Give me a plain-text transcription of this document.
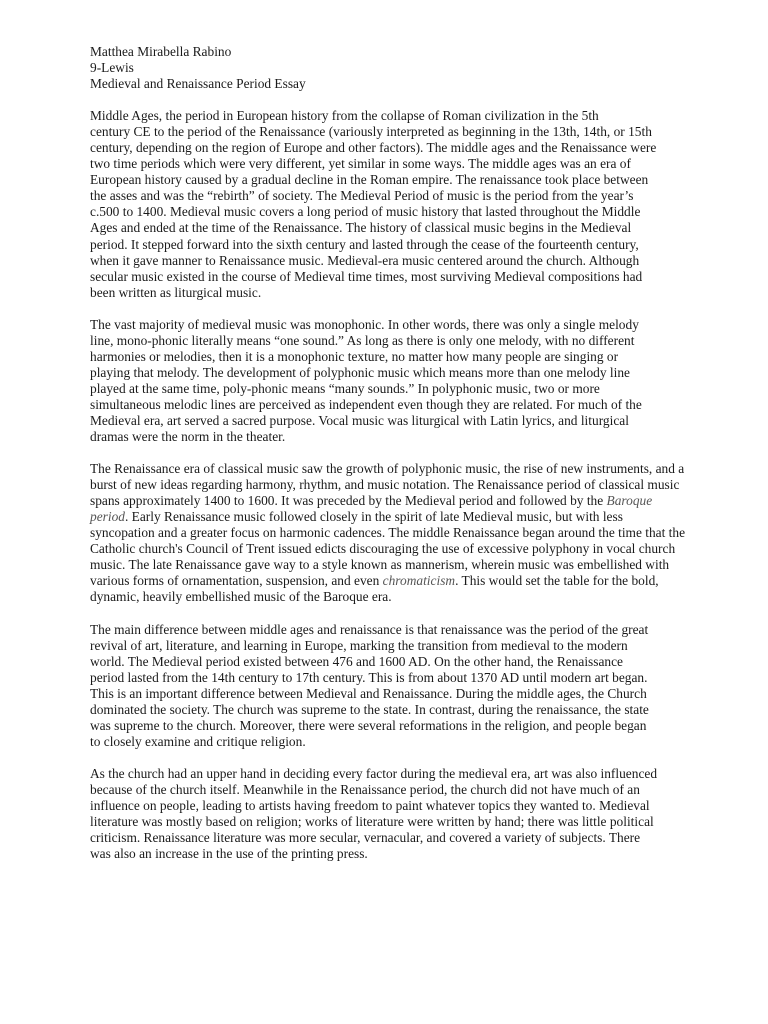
Matthea Mirabella Rabino
9-Lewis
Medieval and Renaissance Period Essay

Middle Ages, the period in European history from the collapse of Roman civilization in the 5th
century CE to the period of the Renaissance (variously interpreted as beginning in the 13th, 14th, or 15th
century, depending on the region of Europe and other factors). The middle ages and the Renaissance were
two time periods which were very different, yet similar in some ways. The middle ages was an era of
European history caused by a gradual decline in the Roman empire. The renaissance took place between
the asses and was the “rebirth” of society. The Medieval Period of music is the period from the year’s
c.500 to 1400. Medieval music covers a long period of music history that lasted throughout the Middle
Ages and ended at the time of the Renaissance. The history of classical music begins in the Medieval
period. It stepped forward into the sixth century and lasted through the cease of the fourteenth century,
when it gave manner to Renaissance music. Medieval-era music centered around the church. Although
secular music existed in the course of Medieval time times, most surviving Medieval compositions had
been written as liturgical music.

The vast majority of medieval music was monophonic. In other words, there was only a single melody
line, mono-phonic literally means “one sound.” As long as there is only one melody, with no different
harmonies or melodies, then it is a monophonic texture, no matter how many people are singing or
playing that melody. The development of polyphonic music which means more than one melody line
played at the same time, poly-phonic means “many sounds.” In polyphonic music, two or more
simultaneous melodic lines are perceived as independent even though they are related. For much of the
Medieval era, art served a sacred purpose. Vocal music was liturgical with Latin lyrics, and liturgical
dramas were the norm in the theater.

The Renaissance era of classical music saw the growth of polyphonic music, the rise of new instruments, and a burst of new ideas regarding harmony, rhythm, and music notation. The Renaissance period of classical music spans approximately 1400 to 1600. It was preceded by the Medieval period and followed by the Baroque period. Early Renaissance music followed closely in the spirit of late Medieval music, but with less syncopation and a greater focus on harmonic cadences. The middle Renaissance began around the time that the Catholic church's Council of Trent issued edicts discouraging the use of excessive polyphony in vocal church music. The late Renaissance gave way to a style known as mannerism, wherein music was embellished with various forms of ornamentation, suspension, and even chromaticism. This would set the table for the bold, dynamic, heavily embellished music of the Baroque era.

The main difference between middle ages and renaissance is that renaissance was the period of the great
revival of art, literature, and learning in Europe, marking the transition from medieval to the modern
world. The Medieval period existed between 476 and 1600 AD. On the other hand, the Renaissance
period lasted from the 14th century to 17th century. This is from about 1370 AD until modern art began.
This is an important difference between Medieval and Renaissance. During the middle ages, the Church
dominated the society. The church was supreme to the state. In contrast, during the renaissance, the state
was supreme to the church. Moreover, there were several reformations in the religion, and people began
to closely examine and critique religion.

As the church had an upper hand in deciding every factor during the medieval era, art was also influenced
because of the church itself. Meanwhile in the Renaissance period, the church did not have much of an
influence on people, leading to artists having freedom to paint whatever topics they wanted to. Medieval
literature was mostly based on religion; works of literature were written by hand; there was little political
criticism. Renaissance literature was more secular, vernacular, and covered a variety of subjects. There
was also an increase in the use of the printing press.
